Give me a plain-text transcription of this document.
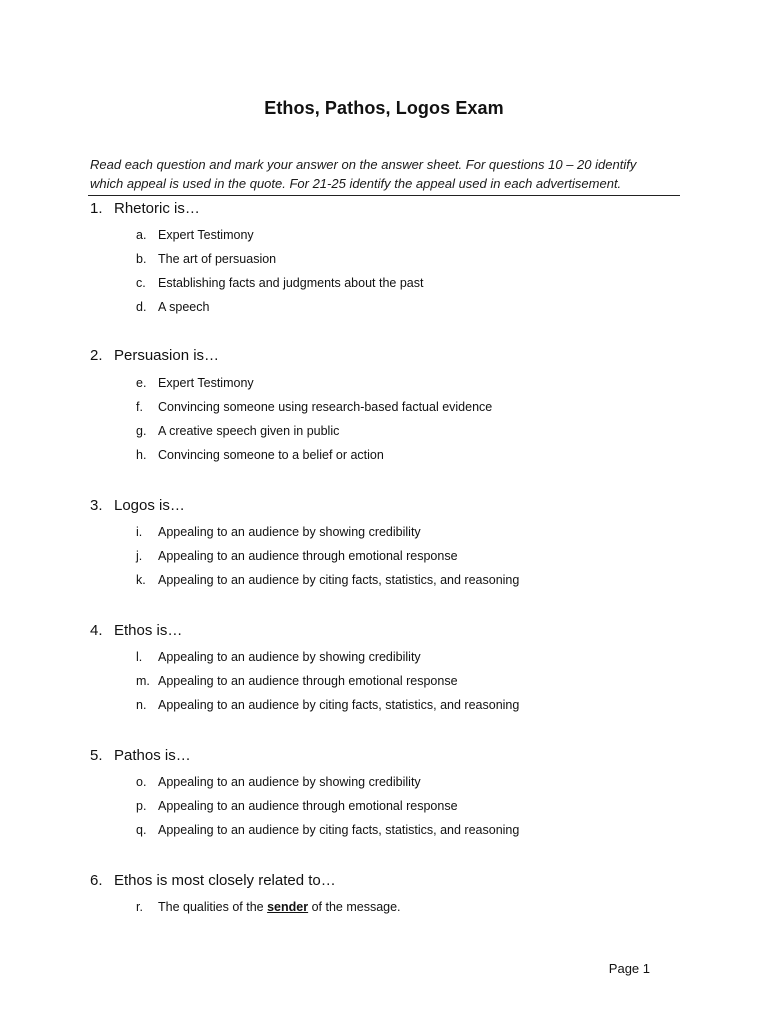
Ethos, Pathos, Logos Exam
Read each question and mark your answer on the answer sheet. For questions 10 – 20 identify
which appeal is used in the quote. For 21-25 identify the appeal used in each advertisement.
1. Rhetoric is…
a. Expert Testimony
b. The art of persuasion
c. Establishing facts and judgments about the past
d. A speech
2. Persuasion is…
e. Expert Testimony
f.	Convincing someone using research-based factual evidence
g. A creative speech given in public
h. Convincing someone to a belief or action
3. Logos is…
i.	Appealing to an audience by showing credibility
j.	Appealing to an audience through emotional response
k. Appealing to an audience by citing facts, statistics, and reasoning
4. Ethos is…
l.	Appealing to an audience by showing credibility
m. Appealing to an audience through emotional response
n. Appealing to an audience by citing facts, statistics, and reasoning
5. Pathos is…
o. Appealing to an audience by showing credibility
p. Appealing to an audience through emotional response
q. Appealing to an audience by citing facts, statistics, and reasoning
6. Ethos is most closely related to…
r.	The qualities of the sender of the message.
Page 1
